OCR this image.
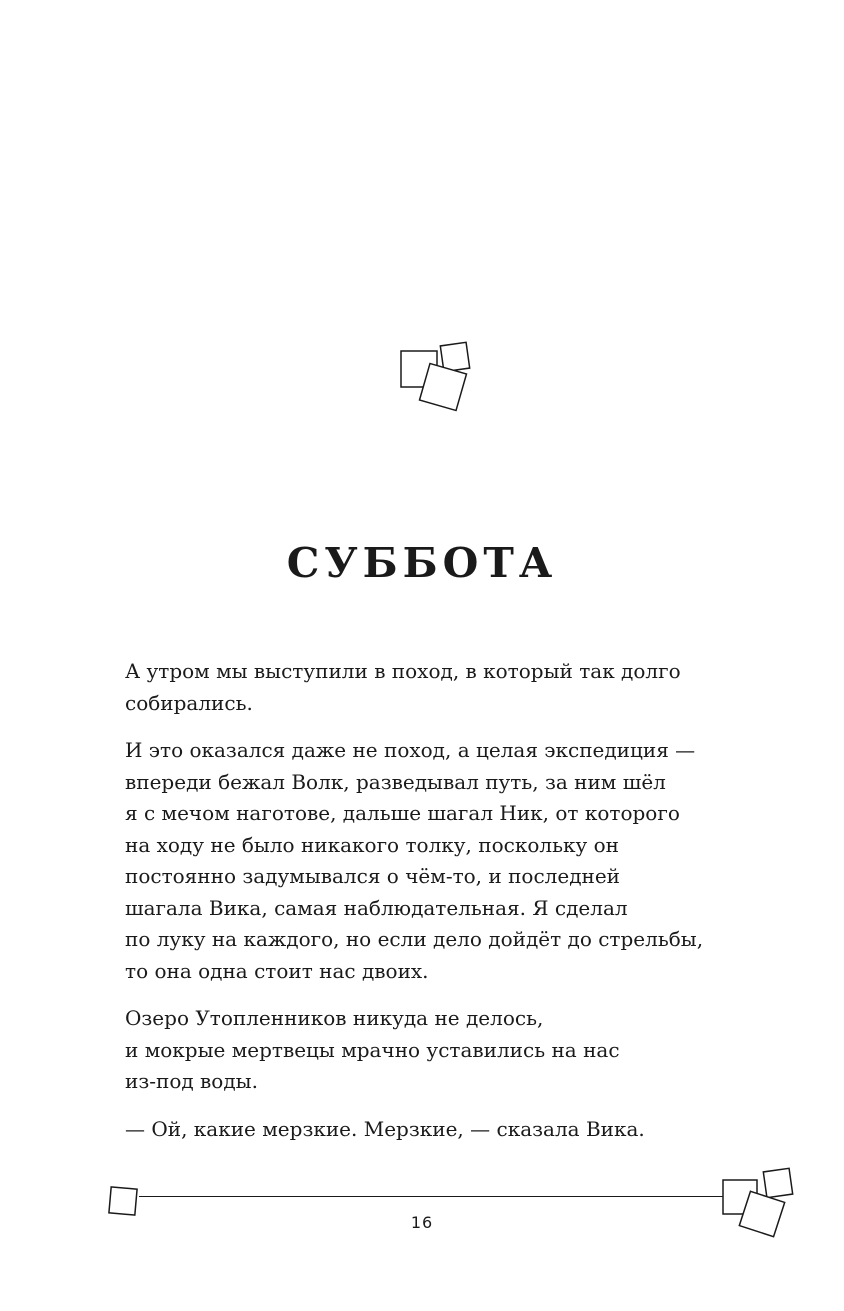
СУББОТА

А утром мы выступили в поход, в который так долго
собирались.

И это оказался даже не поход, а целая экспедиция —
впереди бежал Волк, разведывал путь, за ним шёл
я с мечом наготове, дальше шагал Ник, от которого
на ходу не было никакого толку, поскольку он
постоянно задумывался о чём-то, и последней
шагала Вика, самая наблюдательная. Я сделал
по луку на каждого, но если дело дойдёт до стрельбы,
то она одна стоит нас двоих.

Озеро Утопленников никуда не делось,
и мокрые мертвецы мрачно уставились на нас
из-под воды.

— Ой, какие мерзкие. Мерзкие, — сказала Вика.

16
